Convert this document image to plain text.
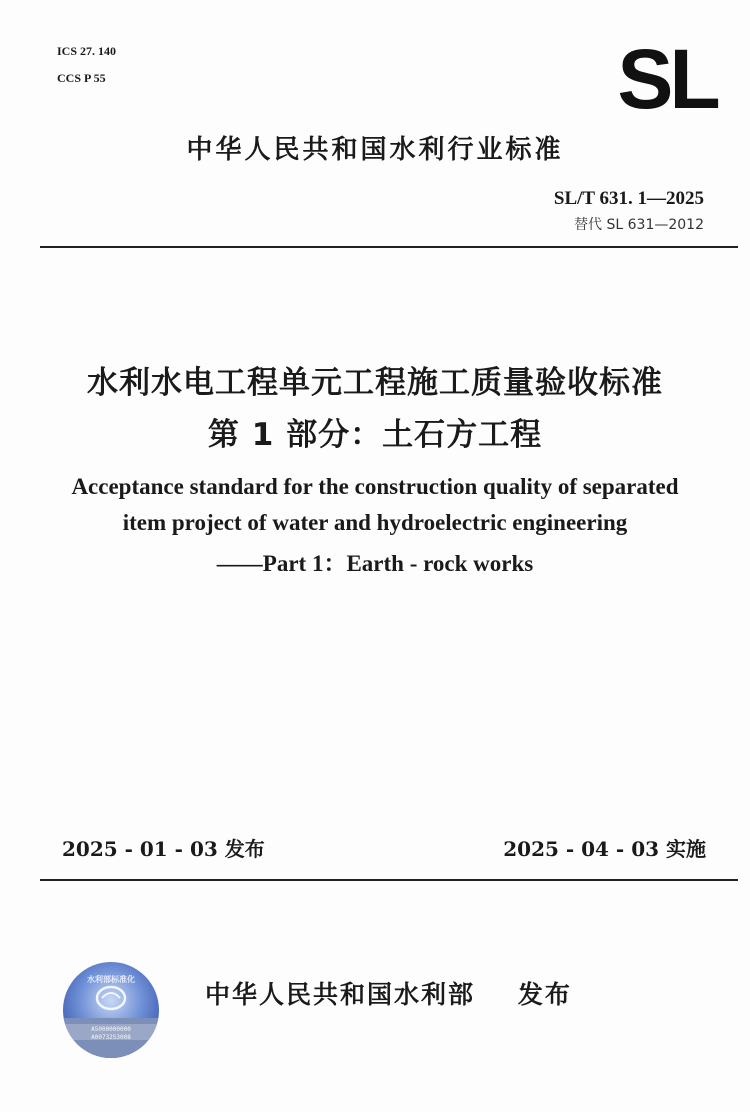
ICS 27. 140
CCS P 55	SL
中华人民共和国水利行业标准
SL/T 631. 1—2025
替代 SL 631—2012
水利水电工程单元工程施工质量验收标准
第 1 部分：土石方工程
Acceptance standard for the construction quality of separated
item project of water and hydroelectric engineering
——Part 1：Earth - rock works
2025 - 01 - 03 发布	2025 - 04 - 03 实施
水利部标准化
A5000000000
A0073253008
中华人民共和国水利部    发布
